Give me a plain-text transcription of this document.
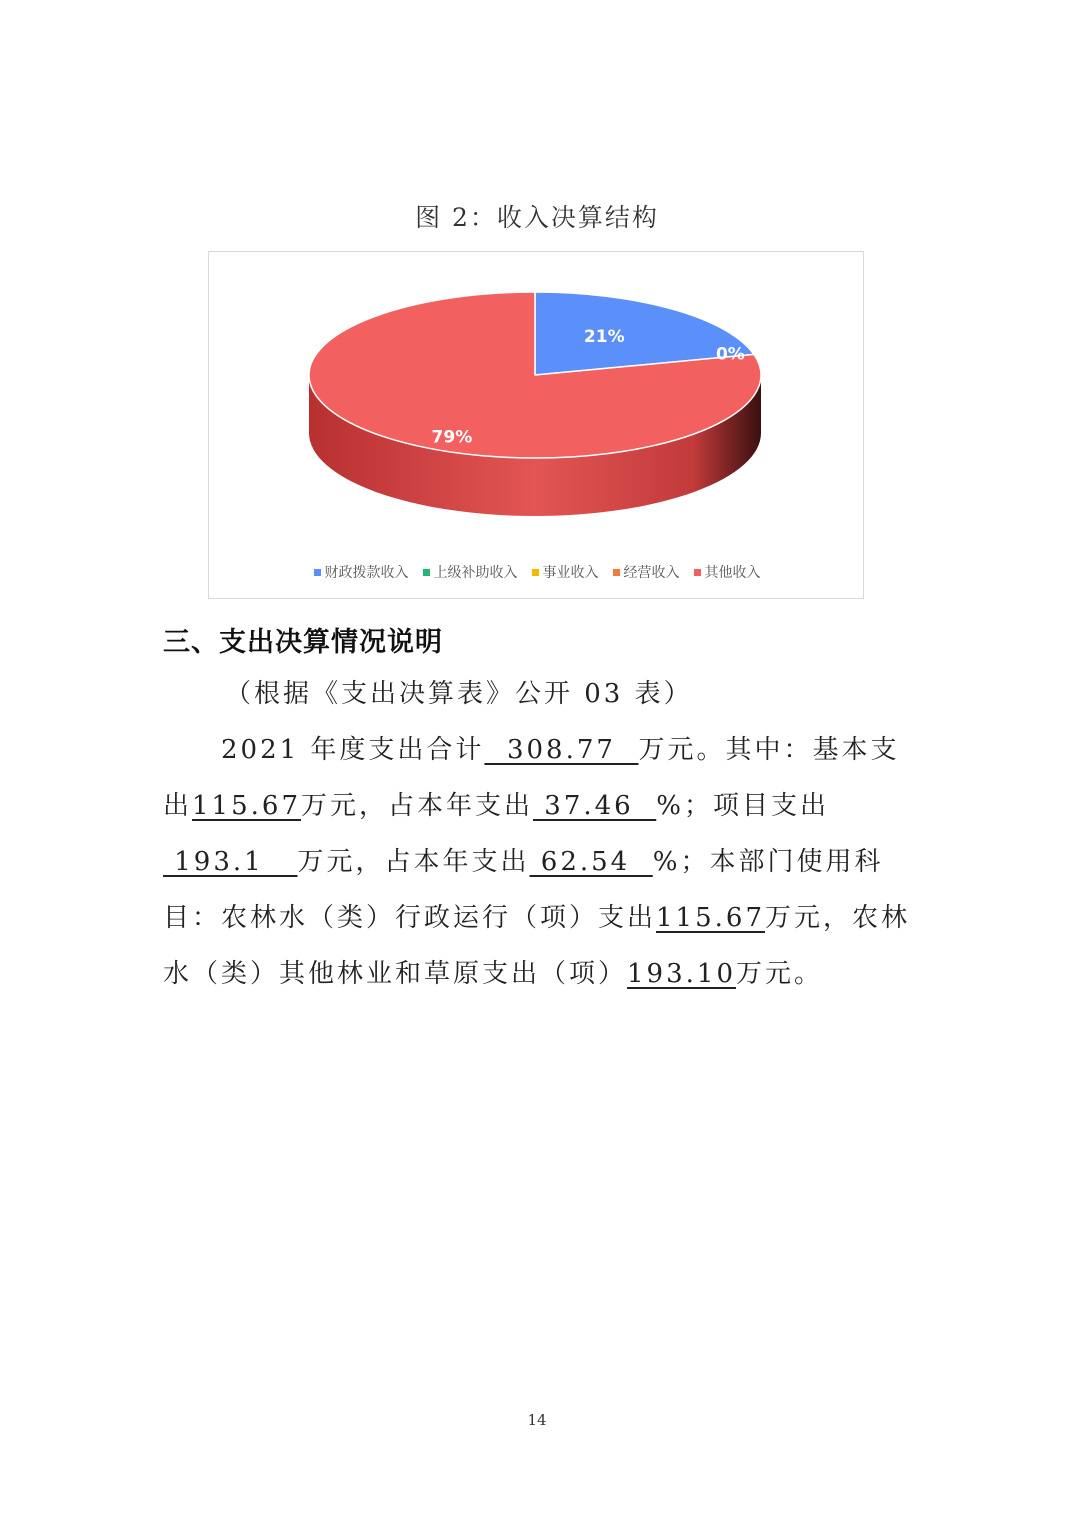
图 2：收入决算结构
21%
0%
79%
财政拨款收入 上级补助收入 事业收入 经营收入 其他收入
三、支出决算情况说明
（根据《支出决算表》公开 03 表）
2021 年度支出合计  308.77  万元。其中：基本支出115.67万元，占本年支出 37.46  %；项目支出 193.1   万元，占本年支出 62.54  %；本部门使用科目：农林水（类）行政运行（项）支出115.67万元，农林水（类）其他林业和草原支出（项）193.10万元。
14
